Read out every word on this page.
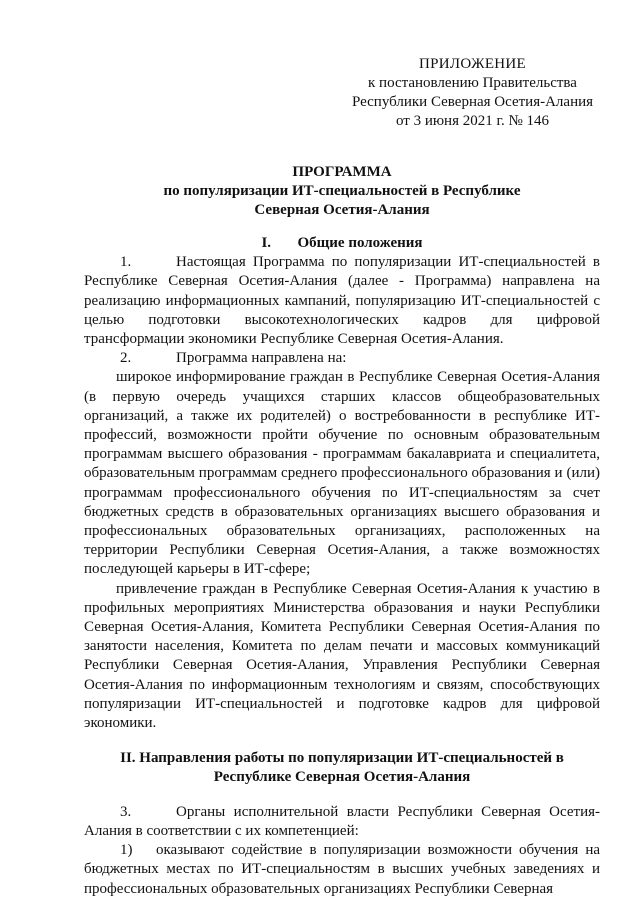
ПРИЛОЖЕНИЕ
к постановлению Правительства
Республики Северная Осетия-Алания
от 3 июня 2021 г. № 146
ПРОГРАММА
по популяризации ИТ-специальностей в Республике
Северная Осетия-Алания

I. Общие положения

1.	Настоящая Программа по популяризации ИТ-специальностей в Республике Северная Осетия-Алания (далее - Программа) направлена на реализацию информационных кампаний, популяризацию ИТ-специальностей с целью подготовки высокотехнологических кадров для цифровой трансформации экономики Республике Северная Осетия-Алания.

2.	Программа направлена на:

широкое информирование граждан в Республике Северная Осетия-Алания (в первую очередь учащихся старших классов общеобразовательных организаций, а также их родителей) о востребованности в республике ИТ-профессий, возможности пройти обучение по основным образовательным программам высшего образования - программам бакалавриата и специалитета, образовательным программам среднего профессионального образования и (или) программам профессионального обучения по ИТ-специальностям за счет бюджетных средств в образовательных организациях высшего образования и профессиональных образовательных организациях, расположенных на территории Республики Северная Осетия-Алания, а также возможностях последующей карьеры в ИТ-сфере;

привлечение граждан в Республике Северная Осетия-Алания к участию в профильных мероприятиях Министерства образования и науки Республики Северная Осетия-Алания, Комитета Республики Северная Осетия-Алания по занятости населения, Комитета по делам печати и массовых коммуникаций Республики Северная Осетия-Алания, Управления Республики Северная Осетия-Алания по информационным технологиям и связям, способствующих популяризации ИТ-специальностей и подготовке кадров для цифровой экономики.

II. Направления работы по популяризации ИТ-специальностей в
Республике Северная Осетия-Алания

3.	Органы исполнительной власти Республики Северная Осетия-Алания в соответствии с их компетенцией:

1) оказывают содействие в популяризации возможности обучения на бюджетных местах по ИТ-специальностям в высших учебных заведениях и профессиональных образовательных организациях Республики Северная
